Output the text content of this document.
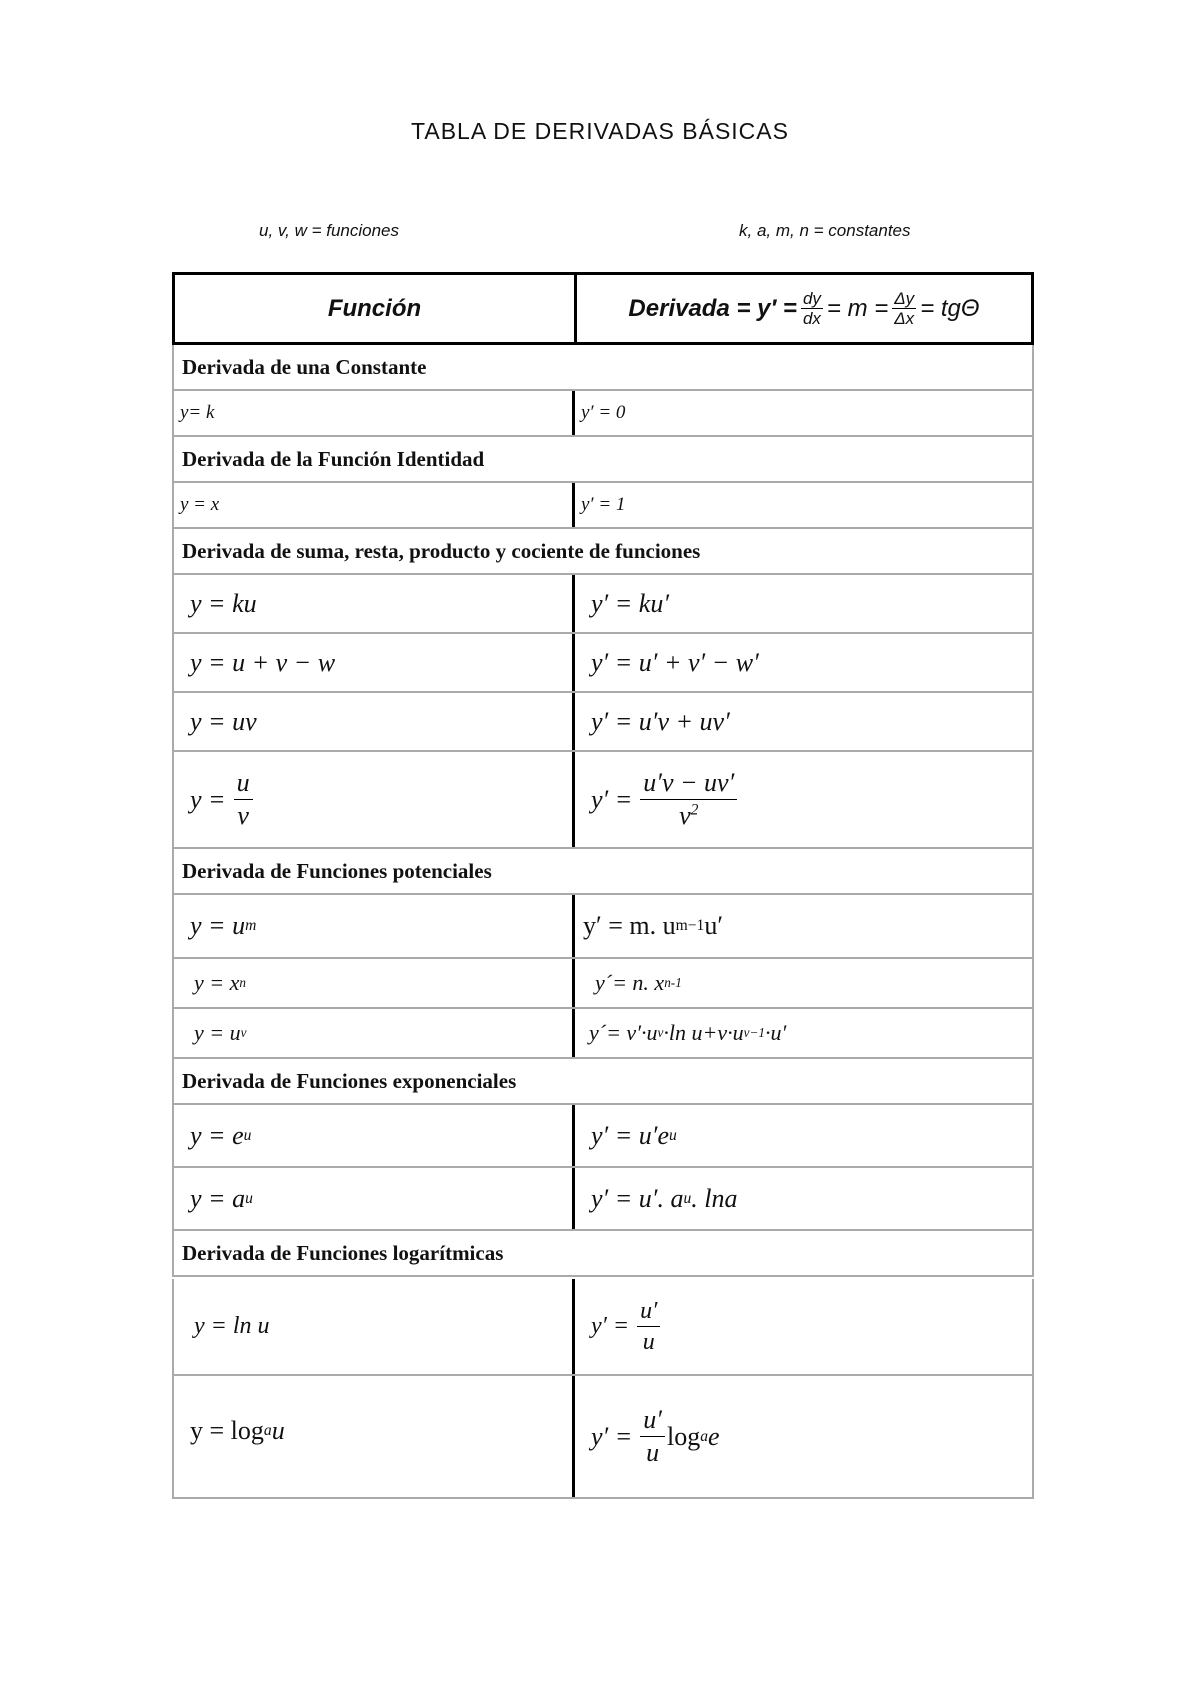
TABLA DE DERIVADAS BÁSICAS
u, v, w = funciones	k, a, m, n = constantes
Función	Derivada = $y' = \frac{dy}{dx} = m = \frac{\Delta y}{\Delta x} = tg\Theta$
Derivada de una Constante
y= k	y′ = 0
Derivada de la Función Identidad
y = x	y′ = 1
Derivada de suma, resta, producto y cociente de funciones
y = ku	y′ = ku′
y = u + v − w	y′ = u′ + v′ − w′
y = uv	y′ = u′v + uv′
$y = \frac{u}{v}$	$y' = \frac{u'v - uv'}{v^2}$
Derivada de Funciones potenciales
y = u m	y′ = m. u m−1 u′
y = x n	y´= n. x n-1
y = u v	y´= v′·u v ·ln u+v·u v−1 ·u′
Derivada de Funciones exponenciales
y = e u	y′ = u′e u
y = a u	y′ = u′. a u . lna
Derivada de Funciones logarítmicas
y = ln u	$y' = \frac{u'}{u}$
y = log a u	$y' = \frac{u'}{u}$ log a e
